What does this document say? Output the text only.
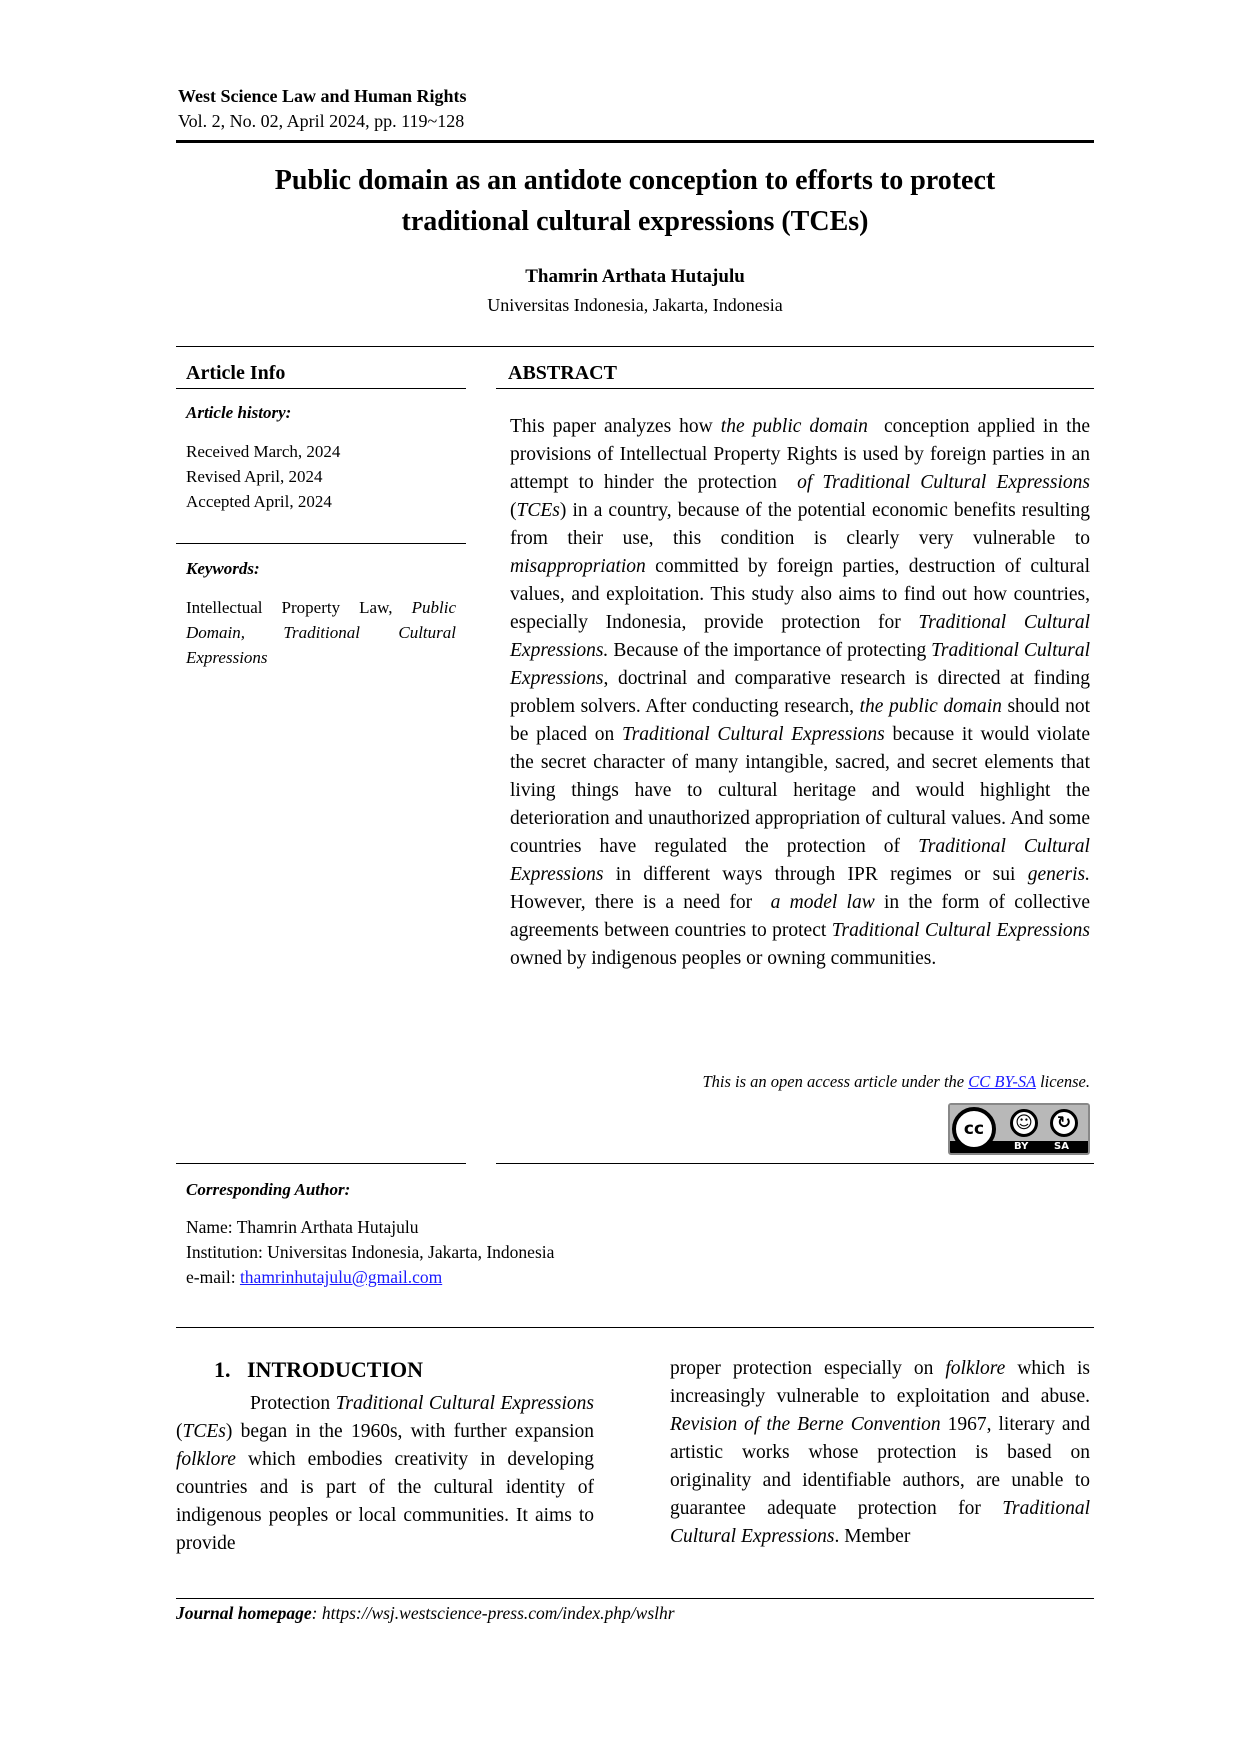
West Science Law and Human Rights
Vol. 2, No. 02, April 2024, pp. 119~128
Public domain as an antidote conception to efforts to protect
traditional cultural expressions (TCEs)
Thamrin Arthata Hutajulu
Universitas Indonesia, Jakarta, Indonesia
Article Info
Article history:
Received March, 2024
Revised April, 2024
Accepted April, 2024
Keywords:
Intellectual Property Law, Public Domain, Traditional Cultural Expressions
ABSTRACT
This paper analyzes how the public domain  conception applied in the provisions of Intellectual Property Rights is used by foreign parties in an attempt to hinder the protection  of Traditional Cultural Expressions (TCEs) in a country, because of the potential economic benefits resulting from their use, this condition is clearly very vulnerable to misappropriation committed by foreign parties, destruction of cultural values, and exploitation. This study also aims to find out how countries, especially Indonesia, provide protection for Traditional Cultural Expressions. Because of the importance of protecting Traditional Cultural Expressions, doctrinal and comparative research is directed at finding problem solvers. After conducting research, the public domain should not be placed on Traditional Cultural Expressions because it would violate the secret character of many intangible, sacred, and secret elements that living things have to cultural heritage and would highlight the deterioration and unauthorized appropriation of cultural values. And some countries have regulated the protection of Traditional Cultural Expressions in different ways through IPR regimes or sui generis. However, there is a need for  a model law in the form of collective agreements between countries to protect Traditional Cultural Expressions owned by indigenous peoples or owning communities.
This is an open access article under the CC BY-SA license.
cc	☺	↻
BY	SA
Corresponding Author:
Name: Thamrin Arthata Hutajulu
Institution: Universitas Indonesia, Jakarta, Indonesia
e-mail: thamrinhutajulu@gmail.com
1. INTRODUCTION
Protection Traditional Cultural Expressions (TCEs) began in the 1960s, with further expansion folklore which embodies creativity in developing countries and is part of the cultural identity of indigenous peoples or local communities. It aims to provide
proper protection especially on folklore which is increasingly vulnerable to exploitation and abuse. Revision of the Berne Convention 1967, literary and artistic works whose protection is based on originality and identifiable authors, are unable to guarantee adequate protection for Traditional Cultural Expressions. Member
Journal homepage: https://wsj.westscience-press.com/index.php/wslhr
